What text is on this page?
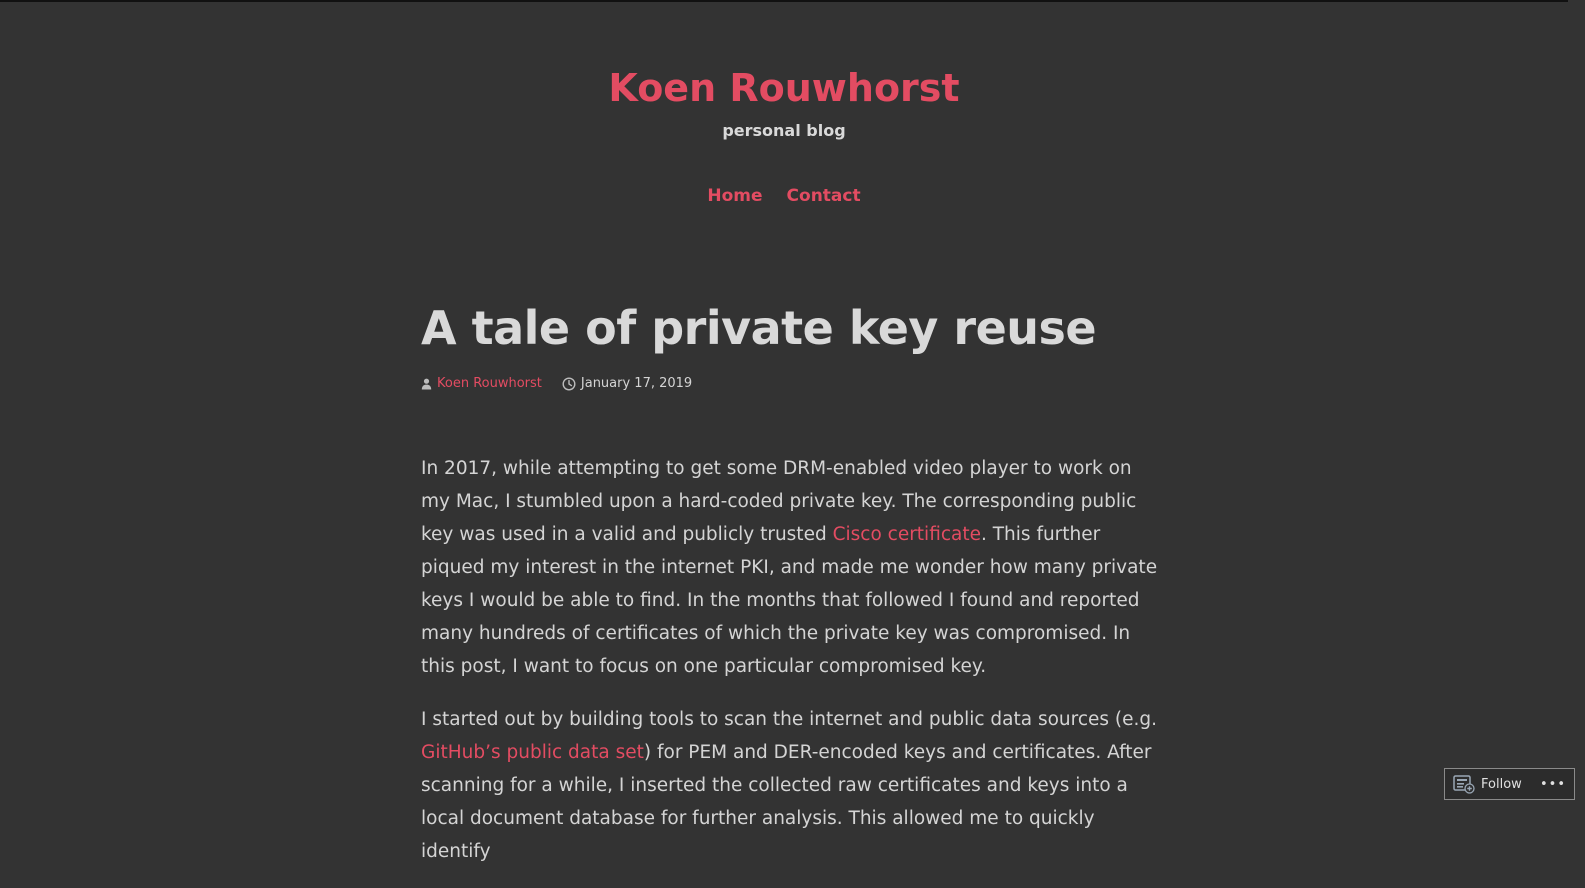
Koen Rouwhorst
personal blog
Home Contact
A tale of private key reuse
Koen Rouwhorst	January 17, 2019

In 2017, while attempting to get some DRM-enabled video player to work on my Mac, I stumbled upon a hard-coded private key. The corresponding public key was used in a valid and publicly trusted Cisco certificate. This further piqued my interest in the internet PKI, and made me wonder how many private keys I would be able to find. In the months that followed I found and reported many hundreds of certificates of which the private key was compromised. In this post, I want to focus on one particular compromised key.

I started out by building tools to scan the internet and public data sources (e.g. GitHub’s public data set) for PEM and DER-encoded keys and certificates. After scanning for a while, I inserted the collected raw certificates and keys into a local document database for further analysis. This allowed me to quickly identify

Follow •••
